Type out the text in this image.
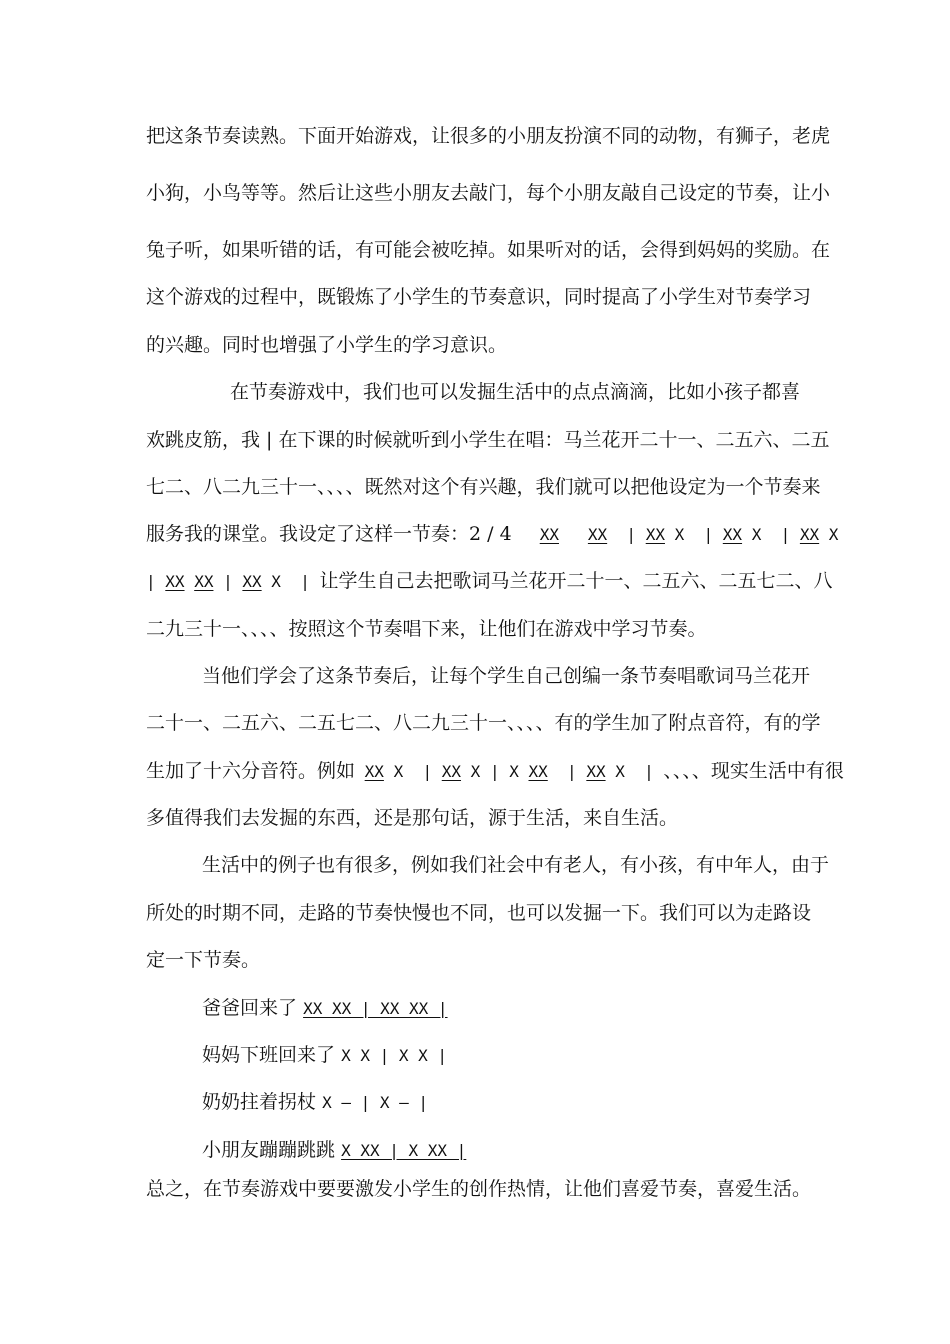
把这条节奏读熟。下面开始游戏，让很多的小朋友扮演不同的动物，有狮子，老虎
小狗，小鸟等等。然后让这些小朋友去敲门，每个小朋友敲自己设定的节奏，让小
兔子听，如果听错的话，有可能会被吃掉。如果听对的话，会得到妈妈的奖励。在
这个游戏的过程中，既锻炼了小学生的节奏意识，同时提高了小学生对节奏学习
的兴趣。同时也增强了小学生的学习意识。
在节奏游戏中，我们也可以发掘生活中的点点滴滴，比如小孩子都喜
欢跳皮筋，我 | 在下课的时候就听到小学生在唱：马兰花开二十一、二五六、二五
七二、八二九三十一、、、、既然对这个有兴趣，我们就可以把他设定为一个节奏来
服务我的课堂。我设定了这样一节奏：2 / 4 XX XX | XX X | XX X | XX X
| XX XX | XX X | 让学生自己去把歌词马兰花开二十一、二五六、二五七二、八
二九三十一、、、、按照这个节奏唱下来，让他们在游戏中学习节奏。
当他们学会了这条节奏后，让每个学生自己创编一条节奏唱歌词马兰花开
二十一、二五六、二五七二、八二九三十一、、、、有的学生加了附点音符，有的学
生加了十六分音符。例如 XX X | XX X | X XX | XX X | 、、、、现实生活中有很
多值得我们去发掘的东西，还是那句话，源于生活，来自生活。
生活中的例子也有很多，例如我们社会中有老人，有小孩，有中年人，由于
所处的时期不同，走路的节奏快慢也不同，也可以发掘一下。我们可以为走路设
定一下节奏。
爸爸回来了 XX XX | XX XX |
妈妈下班回来了 X X | X X |
奶奶拄着拐杖 X — | X — |
小朋友蹦蹦跳跳 X XX | X XX |
总之，在节奏游戏中要要激发小学生的创作热情，让他们喜爱节奏，喜爱生活。
